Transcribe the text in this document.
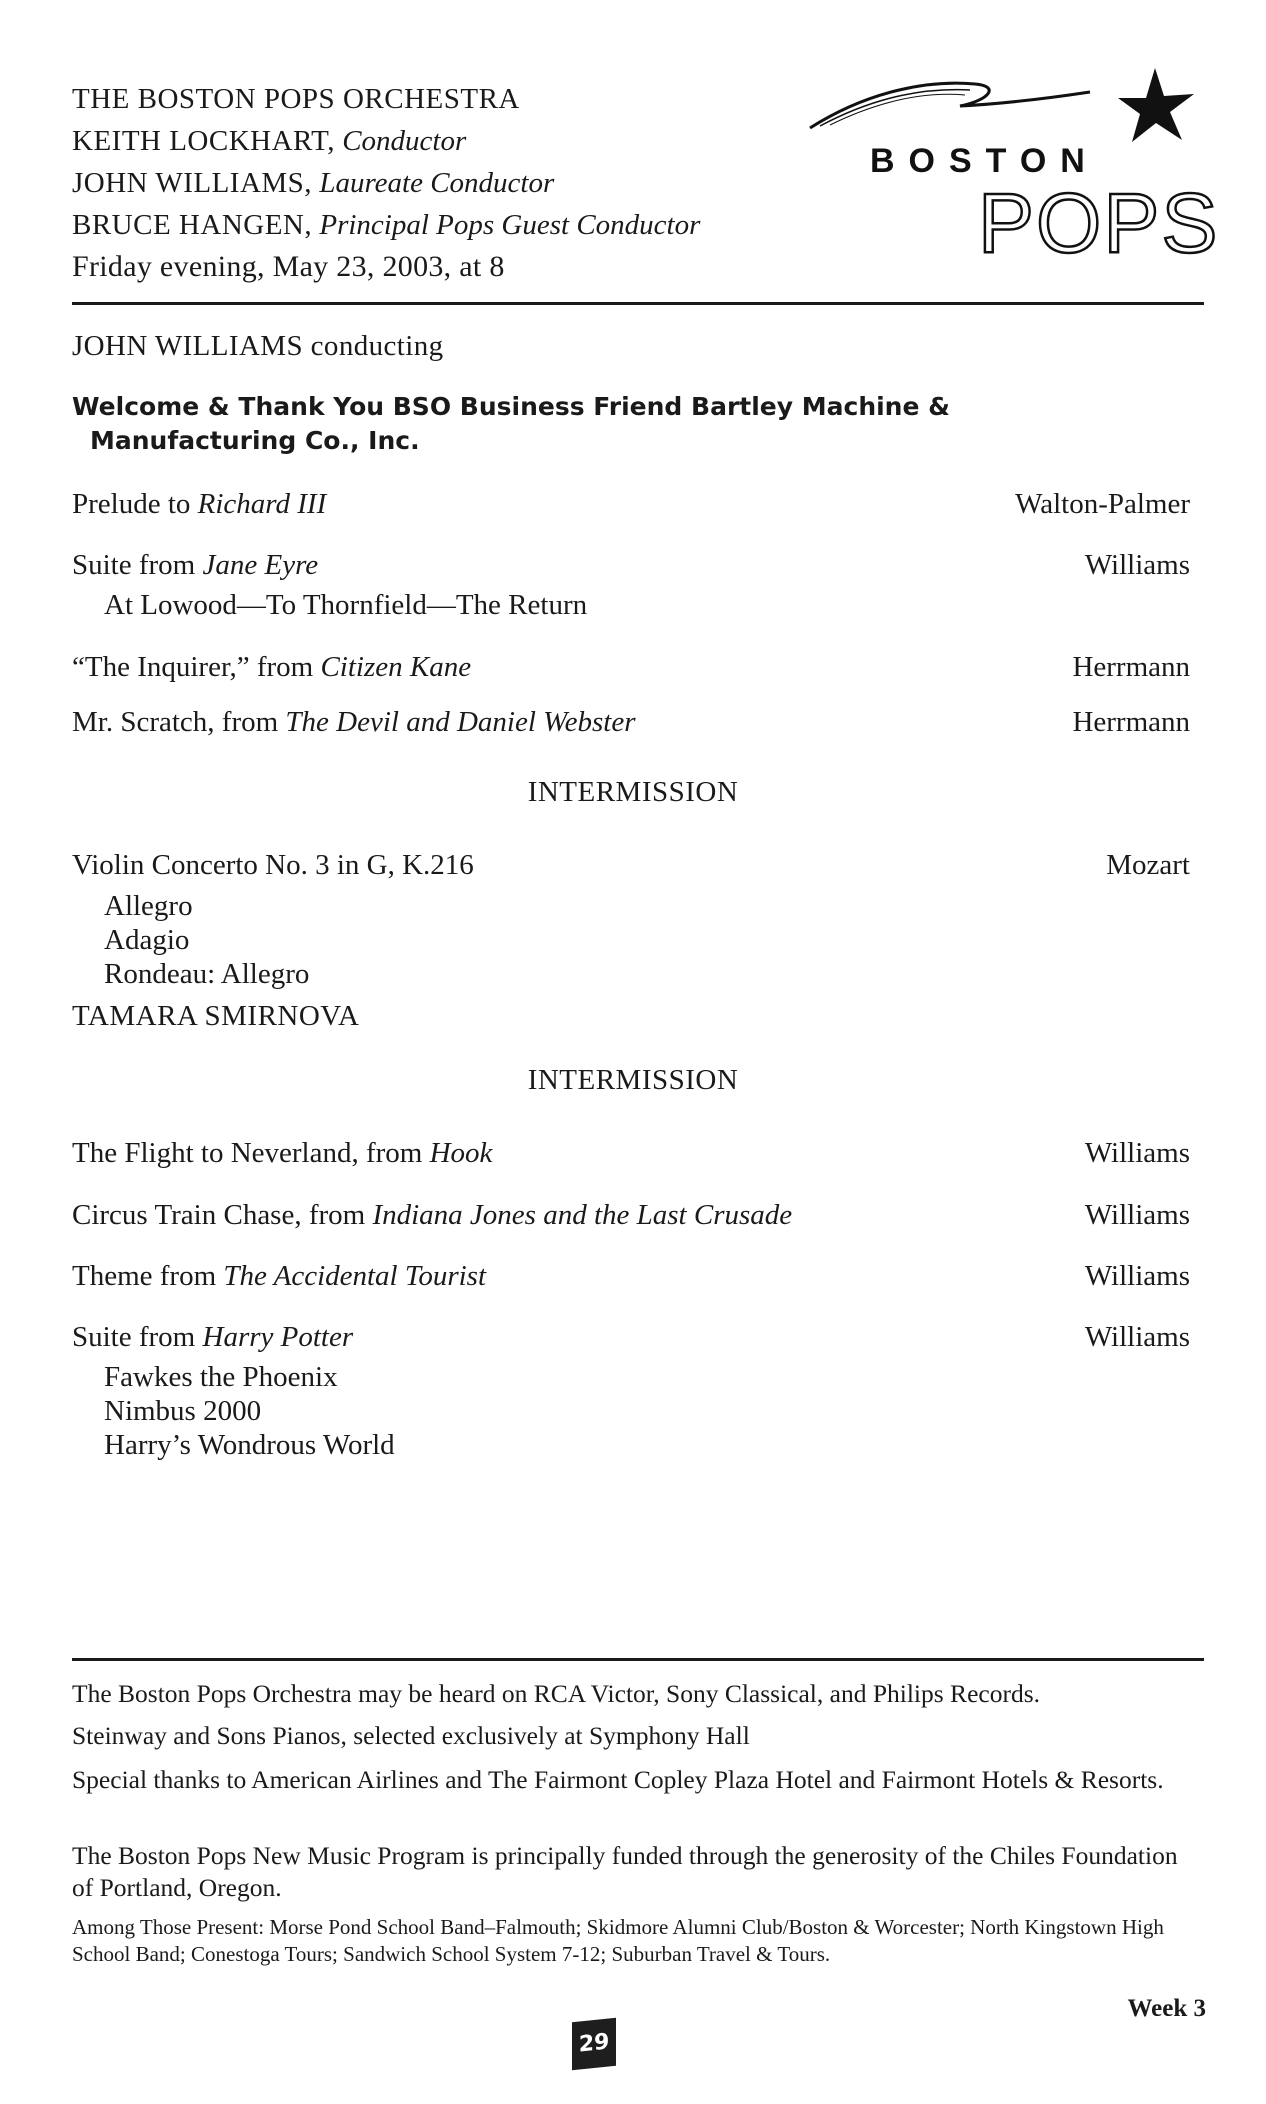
THE BOSTON POPS ORCHESTRA
KEITH LOCKHART, Conductor
JOHN WILLIAMS, Laureate Conductor
BRUCE HANGEN, Principal Pops Guest Conductor
Friday evening, May 23, 2003, at 8
BOSTON
POPS
JOHN WILLIAMS conducting
Welcome & Thank You BSO Business Friend Bartley Machine &
Manufacturing Co., Inc.
Prelude to Richard III	Walton-Palmer
Suite from Jane Eyre	Williams
At Lowood—To Thornfield—The Return
“The Inquirer,” from Citizen Kane	Herrmann
Mr. Scratch, from The Devil and Daniel Webster	Herrmann
INTERMISSION
Violin Concerto No. 3 in G, K.216	Mozart
Allegro
Adagio
Rondeau: Allegro
TAMARA SMIRNOVA
INTERMISSION
The Flight to Neverland, from Hook	Williams
Circus Train Chase, from Indiana Jones and the Last Crusade	Williams
Theme from The Accidental Tourist	Williams
Suite from Harry Potter	Williams
Fawkes the Phoenix
Nimbus 2000
Harry’s Wondrous World
The Boston Pops Orchestra may be heard on RCA Victor, Sony Classical, and Philips Records.
Steinway and Sons Pianos, selected exclusively at Symphony Hall
Special thanks to American Airlines and The Fairmont Copley Plaza Hotel and Fairmont Hotels & Resorts.
The Boston Pops New Music Program is principally funded through the generosity of the Chiles Foundation of Portland, Oregon.
Among Those Present: Morse Pond School Band–Falmouth; Skidmore Alumni Club/Boston & Worcester; North Kingstown High School Band; Conestoga Tours; Sandwich School System 7-12; Suburban Travel & Tours.
Week 3
29
